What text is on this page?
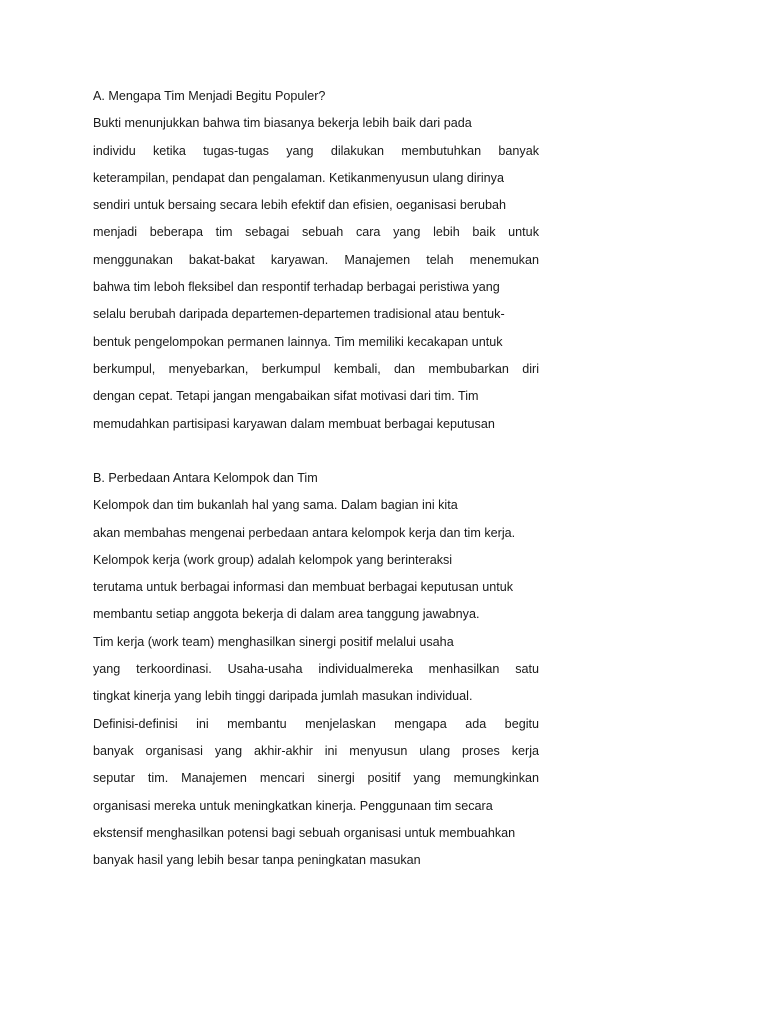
A. Mengapa Tim Menjadi Begitu Populer?
Bukti menunjukkan bahwa tim biasanya bekerja lebih baik dari pada
individu ketika tugas-tugas yang dilakukan membutuhkan banyak
keterampilan, pendapat dan pengalaman. Ketikanmenyusun ulang dirinya
sendiri untuk bersaing secara lebih efektif dan efisien, oeganisasi berubah
menjadi beberapa tim sebagai sebuah cara yang lebih baik untuk
menggunakan bakat-bakat karyawan. Manajemen telah menemukan
bahwa tim leboh fleksibel dan respontif terhadap berbagai peristiwa yang
selalu berubah daripada departemen-departemen tradisional atau bentuk-
bentuk pengelompokan permanen lainnya. Tim memiliki kecakapan untuk
berkumpul, menyebarkan, berkumpul kembali, dan membubarkan diri
dengan cepat. Tetapi jangan mengabaikan sifat motivasi dari tim. Tim
memudahkan partisipasi karyawan dalam membuat berbagai keputusan
B. Perbedaan Antara Kelompok dan Tim
Kelompok dan tim bukanlah hal yang sama. Dalam bagian ini kita
akan membahas mengenai perbedaan antara kelompok kerja dan tim kerja.
Kelompok kerja (work group) adalah kelompok yang berinteraksi
terutama untuk berbagai informasi dan membuat berbagai keputusan untuk
membantu setiap anggota bekerja di dalam area tanggung jawabnya.
Tim kerja (work team) menghasilkan sinergi positif melalui usaha
yang terkoordinasi. Usaha-usaha individualmereka menhasilkan satu
tingkat kinerja yang lebih tinggi daripada jumlah masukan individual.
Definisi-definisi ini membantu menjelaskan mengapa ada begitu
banyak organisasi yang akhir-akhir ini menyusun ulang proses kerja
seputar tim. Manajemen mencari sinergi positif yang memungkinkan
organisasi mereka untuk meningkatkan kinerja. Penggunaan tim secara
ekstensif menghasilkan potensi bagi sebuah organisasi untuk membuahkan
banyak hasil yang lebih besar tanpa peningkatan masukan
